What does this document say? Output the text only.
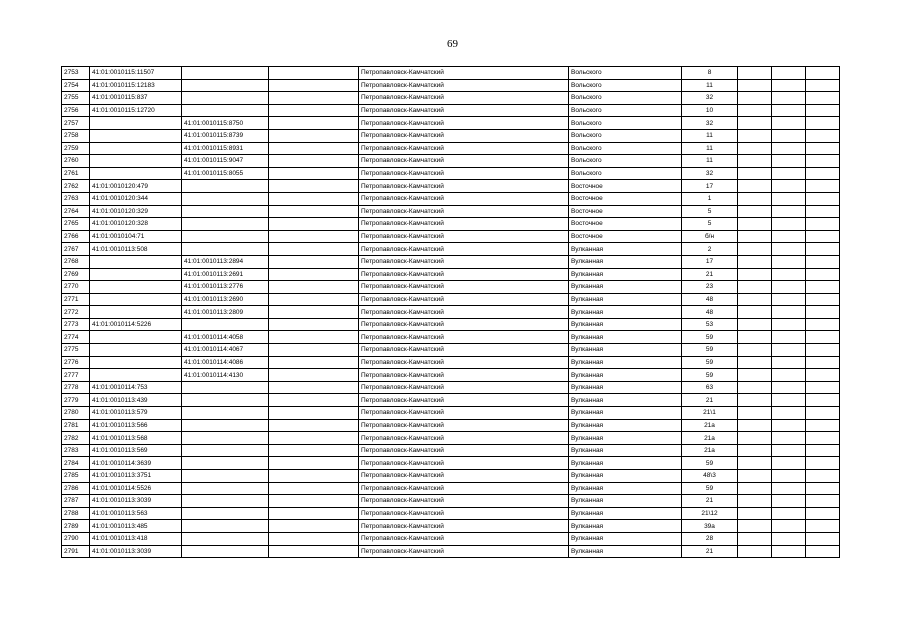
69
2753	41:01:0010115:11507			Петропавловск-Камчатский	Вольского	8			
2754	41:01:0010115:12183			Петропавловск-Камчатский	Вольского	11			
2755	41:01:0010115:837			Петропавловск-Камчатский	Вольского	32			
2756	41:01:0010115:12720			Петропавловск-Камчатский	Вольского	10			
2757		41:01:0010115:8750		Петропавловск-Камчатский	Вольского	32			
2758		41:01:0010115:8739		Петропавловск-Камчатский	Вольского	11			
2759		41:01:0010115:8931		Петропавловск-Камчатский	Вольского	11			
2760		41:01:0010115:9047		Петропавловск-Камчатский	Вольского	11			
2761		41:01:0010115:8055		Петропавловск-Камчатский	Вольского	32			
2762	41:01:0010120:479			Петропавловск-Камчатский	Восточное	17			
2763	41:01:0010120:344			Петропавловск-Камчатский	Восточное	1			
2764	41:01:0010120:329			Петропавловск-Камчатский	Восточное	5			
2765	41:01:0010120:328			Петропавловск-Камчатский	Восточное	5			
2766	41:01:0010104:71			Петропавловск-Камчатский	Восточное	б/н			
2767	41:01:0010113:508			Петропавловск-Камчатский	Вулканная	2			
2768		41:01:0010113:2894		Петропавловск-Камчатский	Вулканная	17			
2769		41:01:0010113:2691		Петропавловск-Камчатский	Вулканная	21			
2770		41:01:0010113:2776		Петропавловск-Камчатский	Вулканная	23			
2771		41:01:0010113:2690		Петропавловск-Камчатский	Вулканная	48			
2772		41:01:0010113:2809		Петропавловск-Камчатский	Вулканная	48			
2773	41:01:0010114:5226			Петропавловск-Камчатский	Вулканная	53			
2774		41:01:0010114:4058		Петропавловск-Камчатский	Вулканная	59			
2775		41:01:0010114:4067		Петропавловск-Камчатский	Вулканная	59			
2776		41:01:0010114:4086		Петропавловск-Камчатский	Вулканная	59			
2777		41:01:0010114:4130		Петропавловск-Камчатский	Вулканная	59			
2778	41:01:0010114:753			Петропавловск-Камчатский	Вулканная	63			
2779	41:01:0010113:439			Петропавловск-Камчатский	Вулканная	21			
2780	41:01:0010113:579			Петропавловск-Камчатский	Вулканная	21\1			
2781	41:01:0010113:566			Петропавловск-Камчатский	Вулканная	21а			
2782	41:01:0010113:568			Петропавловск-Камчатский	Вулканная	21а			
2783	41:01:0010113:569			Петропавловск-Камчатский	Вулканная	21а			
2784	41:01:0010114:3639			Петропавловск-Камчатский	Вулканная	59			
2785	41:01:0010113:3751			Петропавловск-Камчатский	Вулканная	48\3			
2786	41:01:0010114:5526			Петропавловск-Камчатский	Вулканная	59			
2787	41:01:0010113:3039			Петропавловск-Камчатский	Вулканная	21			
2788	41:01:0010113:563			Петропавловск-Камчатский	Вулканная	21\12			
2789	41:01:0010113:485			Петропавловск-Камчатский	Вулканная	39а			
2790	41:01:0010113:418			Петропавловск-Камчатский	Вулканная	28			
2791	41:01:0010113:3039			Петропавловск-Камчатский	Вулканная	21			
